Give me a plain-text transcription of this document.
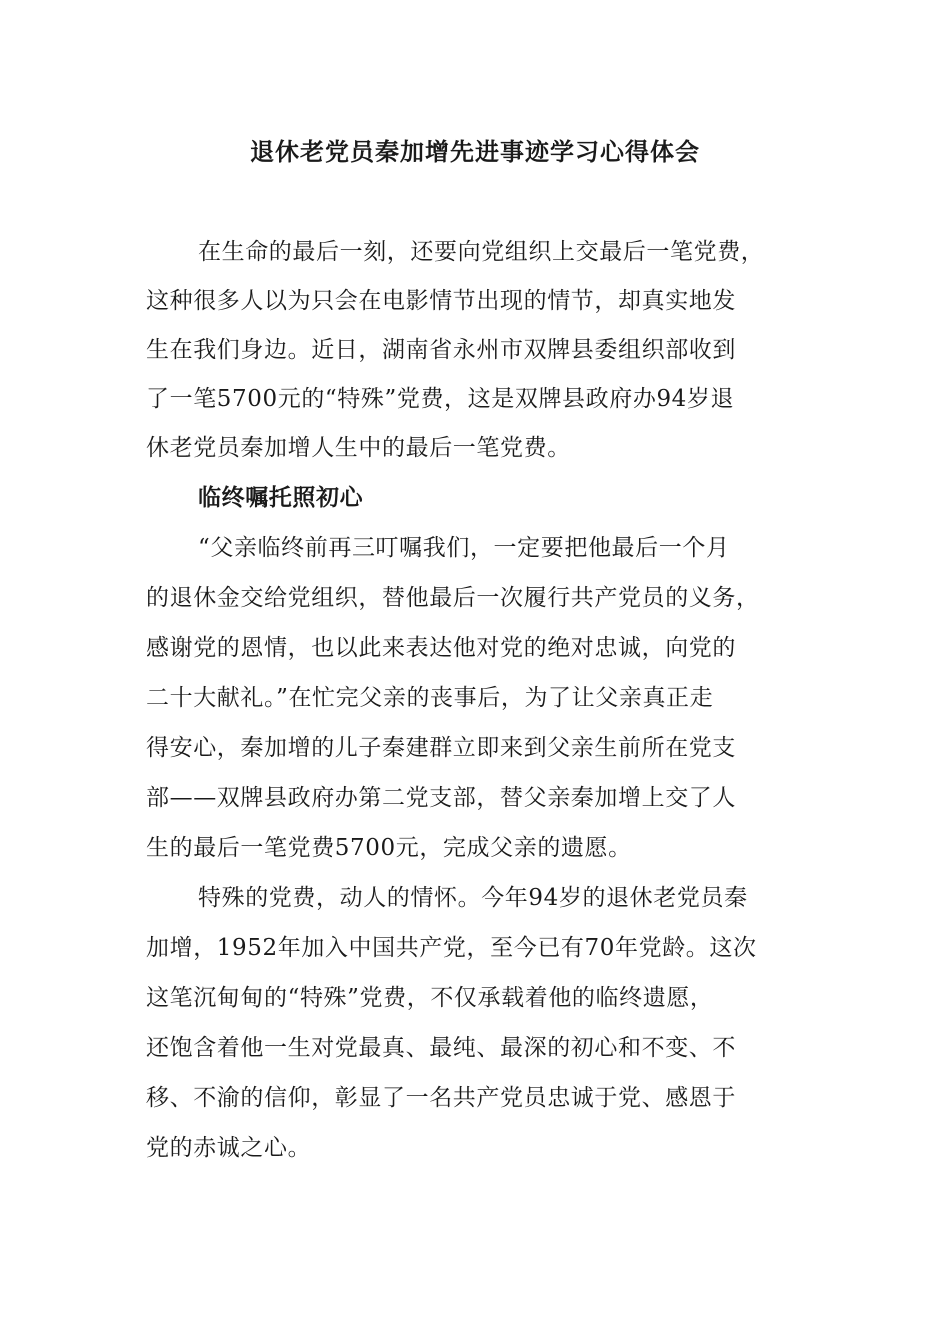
退休老党员秦加增先进事迹学习心得体会
在生命的最后一刻，还要向党组织上交最后一笔党费，
这种很多人以为只会在电影情节出现的情节，却真实地发
生在我们身边。近日，湖南省永州市双牌县委组织部收到
了一笔5700元的“特殊”党费，这是双牌县政府办94岁退
休老党员秦加增人生中的最后一笔党费。
临终嘱托照初心
“父亲临终前再三叮嘱我们，一定要把他最后一个月
的退休金交给党组织，替他最后一次履行共产党员的义务，
感谢党的恩情，也以此来表达他对党的绝对忠诚，向党的
二十大献礼。”在忙完父亲的丧事后，为了让父亲真正走
得安心，秦加增的儿子秦建群立即来到父亲生前所在党支
部——双牌县政府办第二党支部，替父亲秦加增上交了人
生的最后一笔党费5700元，完成父亲的遗愿。
特殊的党费，动人的情怀。今年94岁的退休老党员秦
加增，1952年加入中国共产党，至今已有70年党龄。这次
这笔沉甸甸的“特殊”党费，不仅承载着他的临终遗愿，
还饱含着他一生对党最真、最纯、最深的初心和不变、不
移、不渝的信仰，彰显了一名共产党员忠诚于党、感恩于
党的赤诚之心。
